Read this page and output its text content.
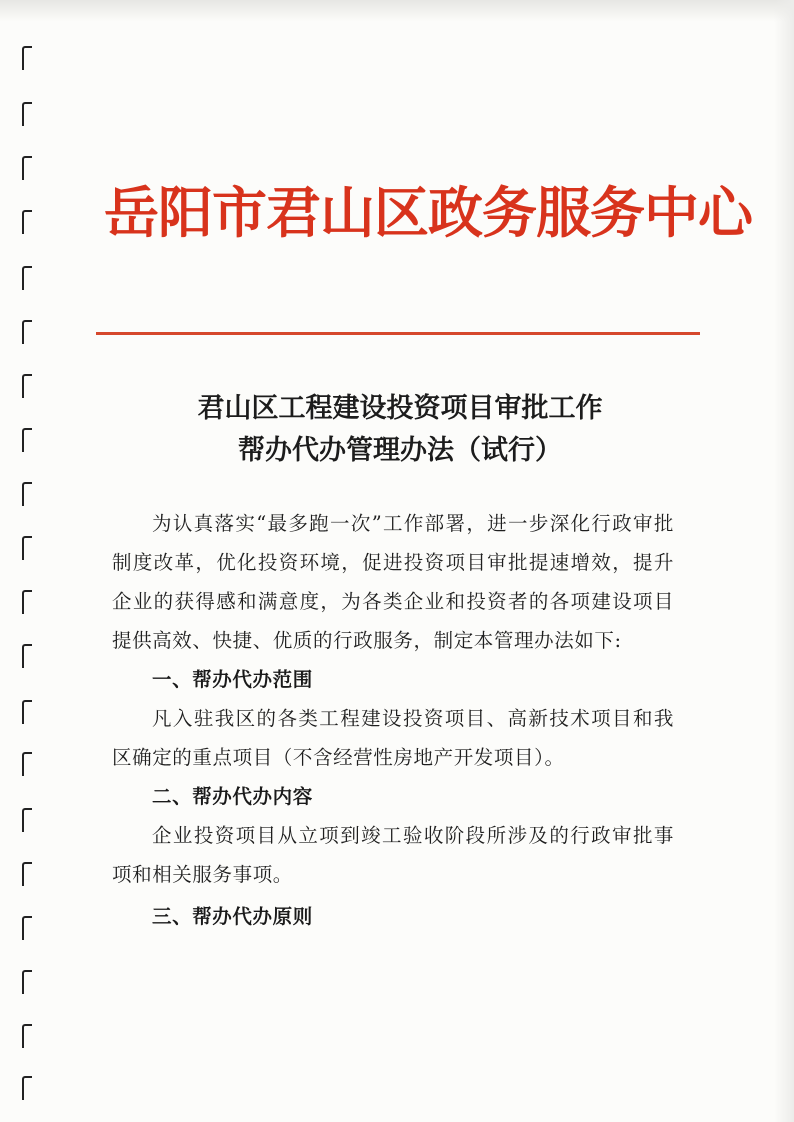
岳阳市君山区政务服务中心
君山区工程建设投资项目审批工作
帮办代办管理办法（试行）

为认真落实“最多跑一次”工作部署，进一步深化行政审批制度改革，优化投资环境，促进投资项目审批提速增效，提升企业的获得感和满意度，为各类企业和投资者的各项建设项目提供高效、快捷、优质的行政服务，制定本管理办法如下:

一、帮办代办范围

凡入驻我区的各类工程建设投资项目、高新技术项目和我区确定的重点项目（不含经营性房地产开发项目）。

二、帮办代办内容

企业投资项目从立项到竣工验收阶段所涉及的行政审批事项和相关服务事项。

三、帮办代办原则
